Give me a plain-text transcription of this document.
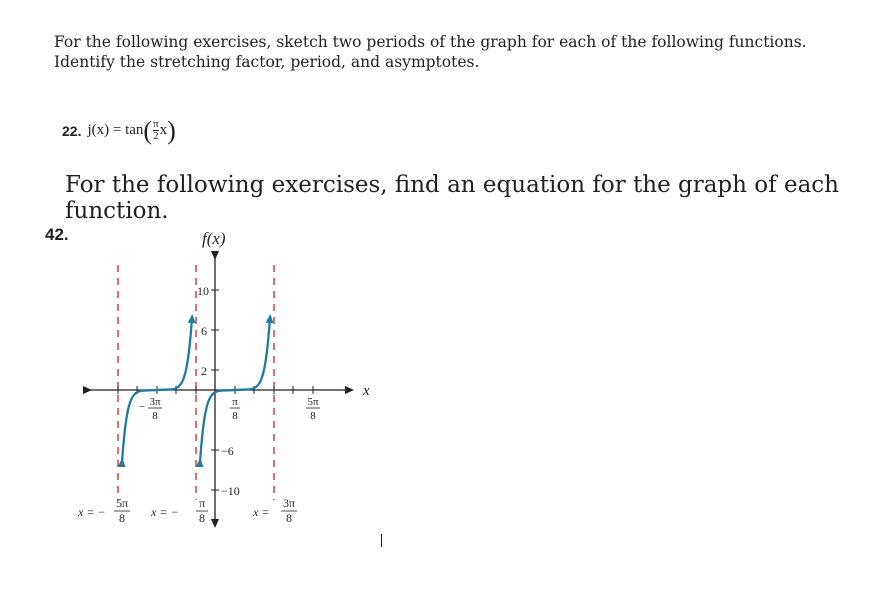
For the following exercises, sketch two periods of the graph for each of the following functions. Identify the stretching factor, period, and asymptotes.
22. j(x) = tan ( $\frac{\pi}{2}$ x )
For the following exercises, find an equation for the graph of each function.
42.	f(x)
x
10
6
2
−6
−10
− 3π
8
π
8
5π
8
x = −
5π
8 x = −
π
8	x =
3π
8
